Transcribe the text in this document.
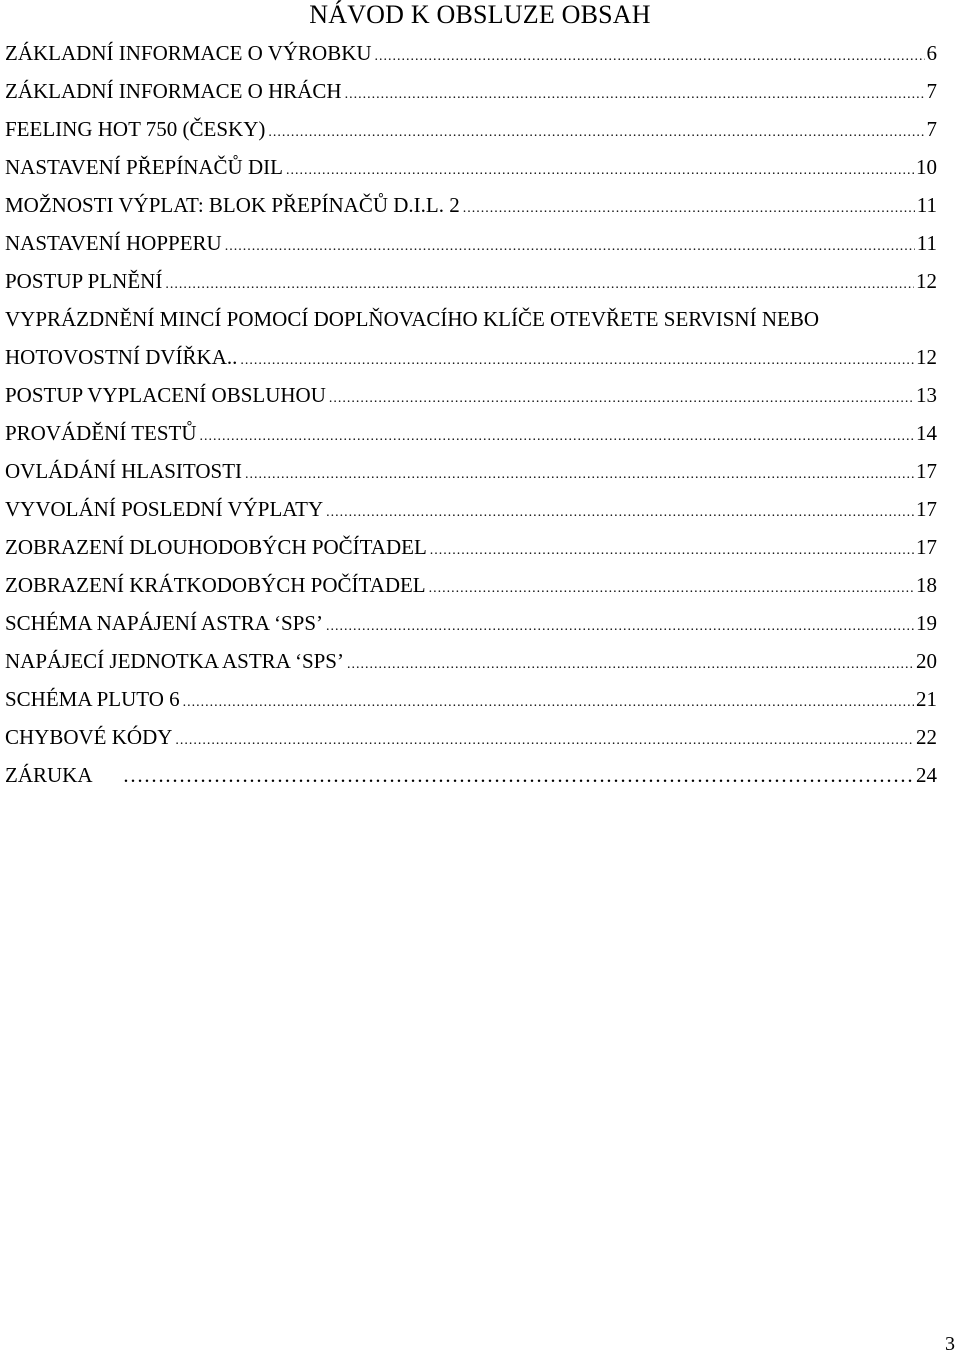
NÁVOD K OBSLUZE OBSAH
ZÁKLADNÍ INFORMACE O VÝROBKU .....	6
ZÁKLADNÍ INFORMACE O HRÁCH .....	7
FEELING HOT 750 (ČESKY) .....	7
NASTAVENÍ PŘEPÍNAČŮ DIL .....	10
MOŽNOSTI VÝPLAT: BLOK PŘEPÍNAČŮ D.I.L. 2 .....	11
NASTAVENÍ HOPPERU .....	11
POSTUP PLNĚNÍ .....	12
VYPRÁZDNĚNÍ MINCÍ POMOCÍ DOPLŇOVACÍHO KLÍČE OTEVŘETE SERVISNÍ NEBO
HOTOVOSTNÍ DVÍŘKA.. .....	12
POSTUP VYPLACENÍ OBSLUHOU .....	13
PROVÁDĚNÍ TESTŮ .....	14
OVLÁDÁNÍ HLASITOSTI .....	17
VYVOLÁNÍ POSLEDNÍ VÝPLATY .....	17
ZOBRAZENÍ DLOUHODOBÝCH POČÍTADEL .....	17
ZOBRAZENÍ KRÁTKODOBÝCH POČÍTADEL .....	18
SCHÉMA NAPÁJENÍ ASTRA ‘SPS’ .....	19
NAPÁJECÍ JEDNOTKA ASTRA ‘SPS’ .....	20
SCHÉMA PLUTO 6 .....	21
CHYBOVÉ KÓDY .....	22
ZÁRUKA …………………………………………………………………………………………………………………………………………………………………	24
3
